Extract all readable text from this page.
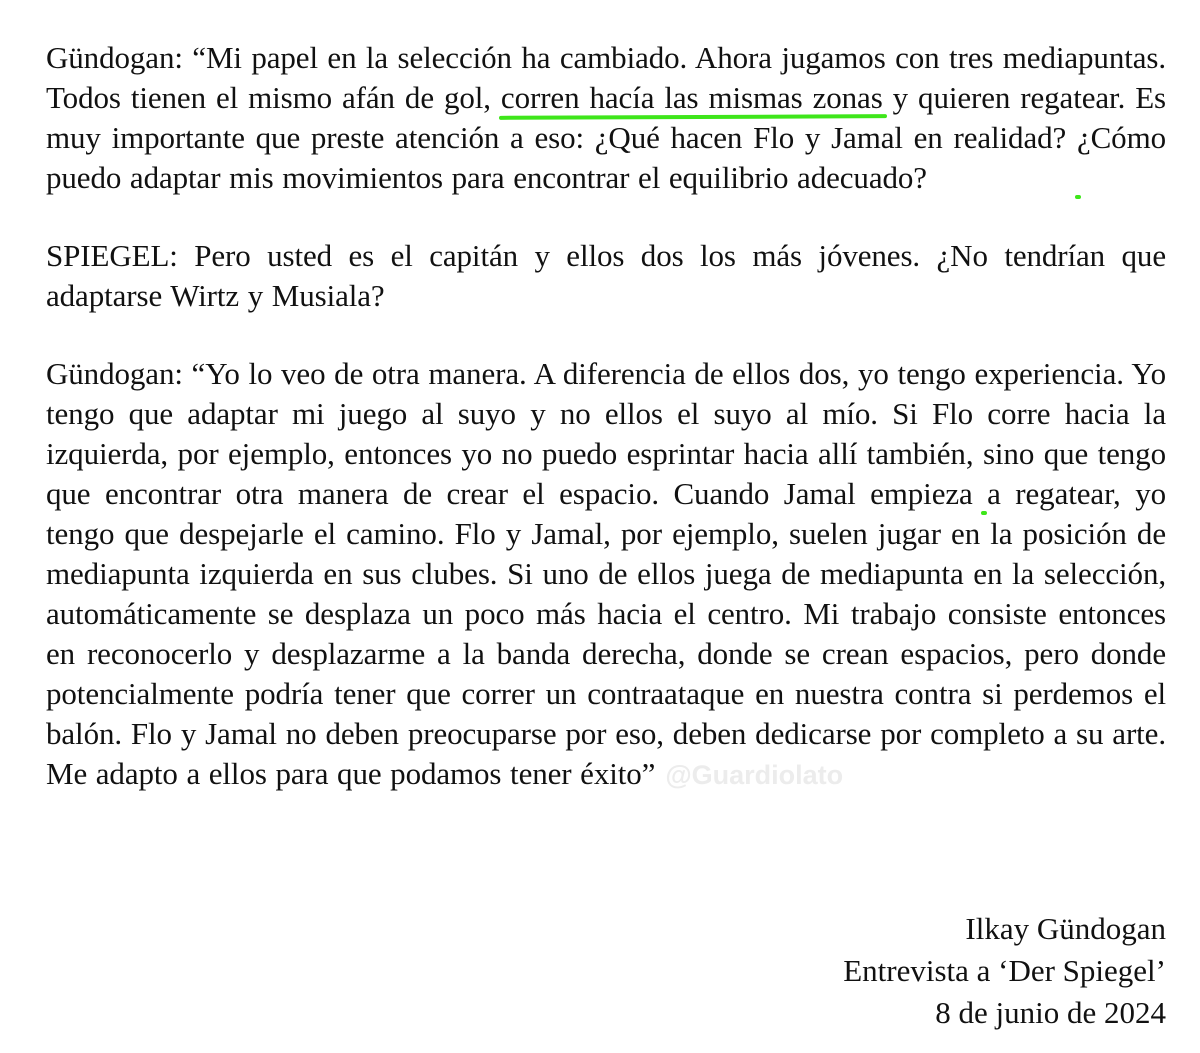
Gündogan: “Mi papel en la selección ha cambiado. Ahora jugamos con tres mediapuntas. Todos tienen el mismo afán de gol, corren hacía las mismas zonas y quieren regatear. Es muy importante que preste atención a eso: ¿Qué hacen Flo y Jamal en realidad? ¿Cómo puedo adaptar mis movimientos para encontrar el equilibrio adecuado?

SPIEGEL: Pero usted es el capitán y ellos dos los más jóvenes. ¿No tendrían que adaptarse Wirtz y Musiala?

Gündogan: “Yo lo veo de otra manera. A diferencia de ellos dos, yo tengo experiencia. Yo tengo que adaptar mi juego al suyo y no ellos el suyo al mío. Si Flo corre hacia la izquierda, por ejemplo, entonces yo no puedo esprintar hacia allí también, sino que tengo que encontrar otra manera de crear el espacio. Cuando Jamal empieza a regatear, yo tengo que despejarle el camino. Flo y Jamal, por ejemplo, suelen jugar en la posición de mediapunta izquierda en sus clubes. Si uno de ellos juega de mediapunta en la selección, automáticamente se desplaza un poco más hacia el centro. Mi trabajo consiste entonces en reconocerlo y desplazarme a la banda derecha, donde se crean espacios, pero donde potencialmente podría tener que correr un contraataque en nuestra contra si perdemos el balón. Flo y Jamal no deben preocuparse por eso, deben dedicarse por completo a su arte. Me adapto a ellos para que podamos tener éxito” @Guardiolato

Ilkay Gündogan
Entrevista a ‘Der Spiegel’
8 de junio de 2024
